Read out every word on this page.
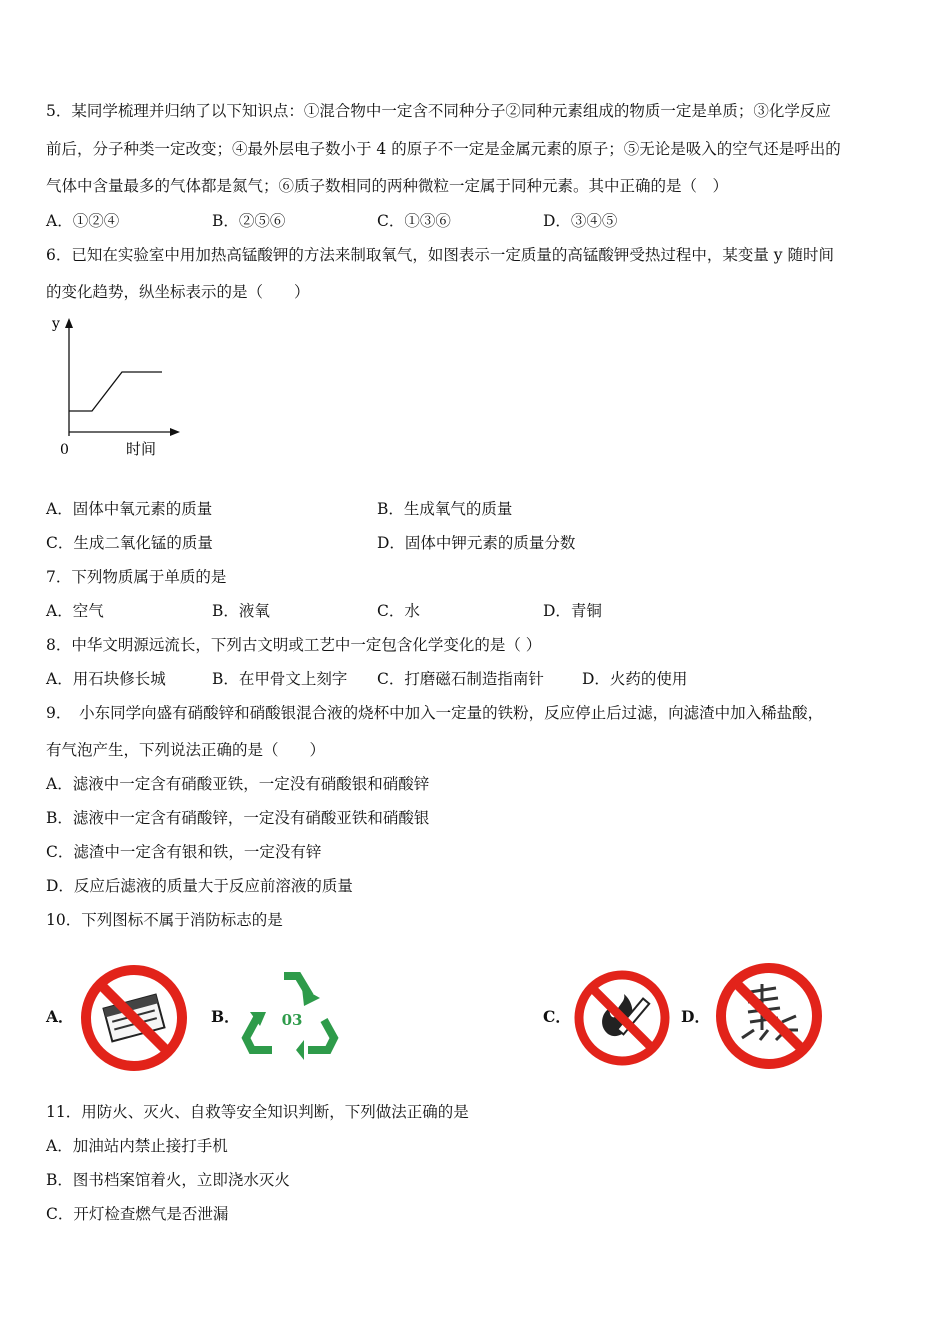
5．某同学梳理并归纳了以下知识点：①混合物中一定含不同种分子②同种元素组成的物质一定是单质；③化学反应
前后，分子种类一定改变；④最外层电子数小于 4 的原子不一定是金属元素的原子；⑤无论是吸入的空气还是呼出的
气体中含量最多的气体都是氮气；⑥质子数相同的两种微粒一定属于同种元素。其中正确的是（　）
A．①②④	B．②⑤⑥	C．①③⑥	D．③④⑤
6．已知在实验室中用加热高锰酸钾的方法来制取氧气，如图表示一定质量的高锰酸钾受热过程中，某变量 y 随时间
的变化趋势，纵坐标表示的是（　　）
y
0	时间
A．固体中氧元素的质量	B．生成氧气的质量
C．生成二氧化锰的质量	D．固体中钾元素的质量分数
7．下列物质属于单质的是
A．空气	B．液氧	C．水	D．青铜
8．中华文明源远流长，下列古文明或工艺中一定包含化学变化的是（ ）
A．用石块修长城	B．在甲骨文上刻字 C．打磨磁石制造指南针 D．火药的使用
9．　小东同学向盛有硝酸锌和硝酸银混合液的烧杯中加入一定量的铁粉，反应停止后过滤，向滤渣中加入稀盐酸，
有气泡产生，下列说法正确的是（　　）
A．滤液中一定含有硝酸亚铁，一定没有硝酸银和硝酸锌
B．滤液中一定含有硝酸锌，一定没有硝酸亚铁和硝酸银
C．滤渣中一定含有银和铁，一定没有锌
D．反应后滤液的质量大于反应前溶液的质量
10．下列图标不属于消防标志的是
A．	B．	03	C．	D．
11．用防火、灭火、自救等安全知识判断，下列做法正确的是
A．加油站内禁止接打手机
B．图书档案馆着火，立即浇水灭火
C．开灯检查燃气是否泄漏
